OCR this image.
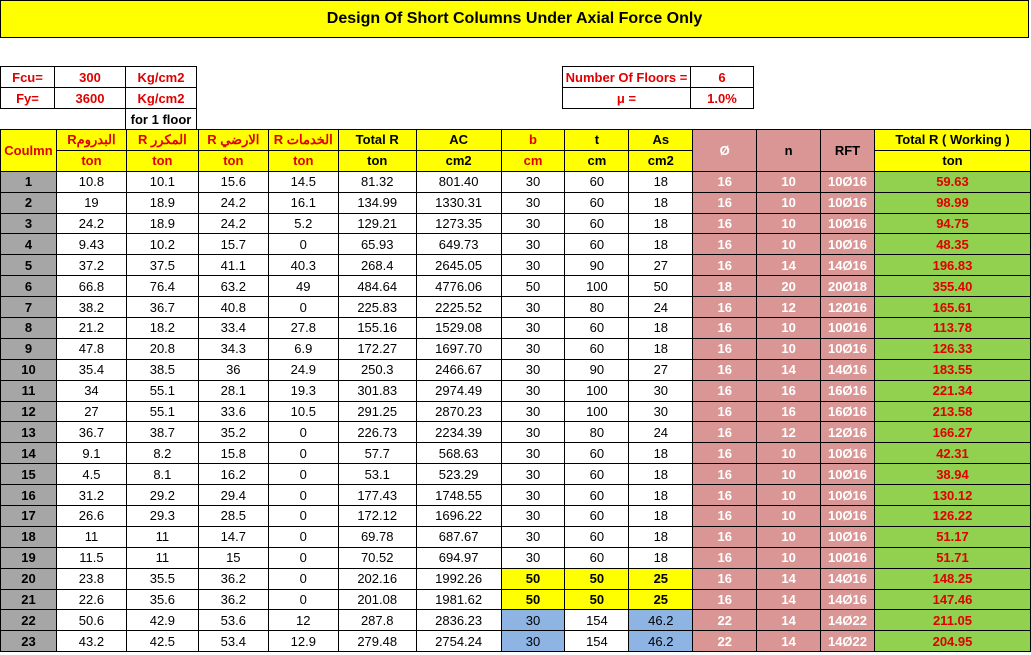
Design Of Short Columns Under Axial Force Only
Fcu=	300	Kg/cm2
Fy=	3600	Kg/cm2
for 1 floor
Number Of Floors =	6
μ =	1.0%
Coulmn	Rالبدروم	R المكرر	R الارضي	R الخدمات	Total R	AC	b	t	As	Ø	n	RFT	Total R ( Working )
	ton	ton	ton	ton	ton	cm2	cm	cm	cm2				ton
1	10.8	10.1	15.6	14.5	81.32	801.40	30	60	18	16	10	10Ø16	59.63
2	19	18.9	24.2	16.1	134.99	1330.31	30	60	18	16	10	10Ø16	98.99
3	24.2	18.9	24.2	5.2	129.21	1273.35	30	60	18	16	10	10Ø16	94.75
4	9.43	10.2	15.7	0	65.93	649.73	30	60	18	16	10	10Ø16	48.35
5	37.2	37.5	41.1	40.3	268.4	2645.05	30	90	27	16	14	14Ø16	196.83
6	66.8	76.4	63.2	49	484.64	4776.06	50	100	50	18	20	20Ø18	355.40
7	38.2	36.7	40.8	0	225.83	2225.52	30	80	24	16	12	12Ø16	165.61
8	21.2	18.2	33.4	27.8	155.16	1529.08	30	60	18	16	10	10Ø16	113.78
9	47.8	20.8	34.3	6.9	172.27	1697.70	30	60	18	16	10	10Ø16	126.33
10	35.4	38.5	36	24.9	250.3	2466.67	30	90	27	16	14	14Ø16	183.55
11	34	55.1	28.1	19.3	301.83	2974.49	30	100	30	16	16	16Ø16	221.34
12	27	55.1	33.6	10.5	291.25	2870.23	30	100	30	16	16	16Ø16	213.58
13	36.7	38.7	35.2	0	226.73	2234.39	30	80	24	16	12	12Ø16	166.27
14	9.1	8.2	15.8	0	57.7	568.63	30	60	18	16	10	10Ø16	42.31
15	4.5	8.1	16.2	0	53.1	523.29	30	60	18	16	10	10Ø16	38.94
16	31.2	29.2	29.4	0	177.43	1748.55	30	60	18	16	10	10Ø16	130.12
17	26.6	29.3	28.5	0	172.12	1696.22	30	60	18	16	10	10Ø16	126.22
18	11	11	14.7	0	69.78	687.67	30	60	18	16	10	10Ø16	51.17
19	11.5	11	15	0	70.52	694.97	30	60	18	16	10	10Ø16	51.71
20	23.8	35.5	36.2	0	202.16	1992.26	50	50	25	16	14	14Ø16	148.25
21	22.6	35.6	36.2	0	201.08	1981.62	50	50	25	16	14	14Ø16	147.46
22	50.6	42.9	53.6	12	287.8	2836.23	30	154	46.2	22	14	14Ø22	211.05
23	43.2	42.5	53.4	12.9	279.48	2754.24	30	154	46.2	22	14	14Ø22	204.95
